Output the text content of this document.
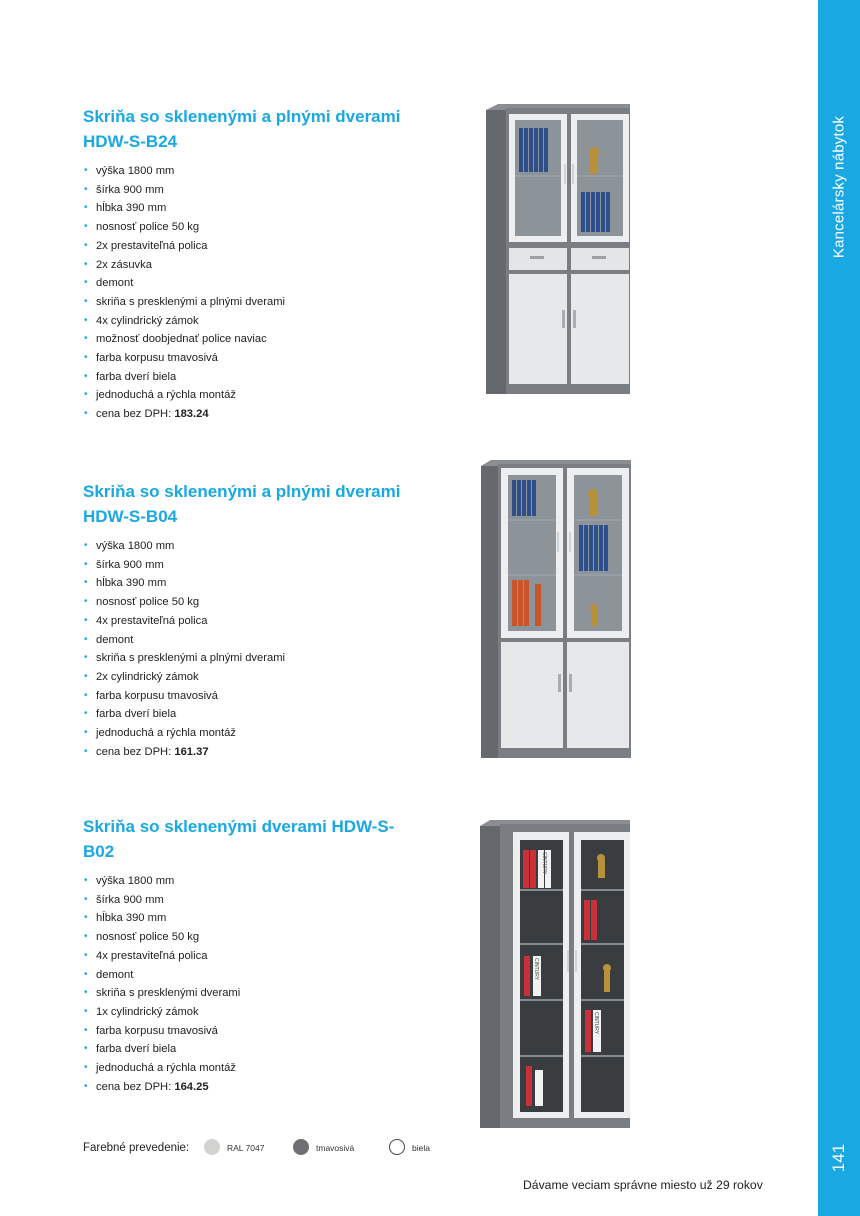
Kancelársky nábytok
141
Skriňa so sklenenými a plnými dverami HDW-S-B24
• výška 1800 mm
• šírka 900 mm
• hĺbka 390 mm
• nosnosť police 50 kg
• 2x prestaviteľná polica
• 2x zásuvka
• demont
• skriňa s presklenými a plnými dverami
• 4x cylindrický zámok
• možnosť doobjednať police naviac
• farba korpusu tmavosivá
• farba dverí biela
• jednoduchá a rýchla montáž
• cena bez DPH: 183.24
Skriňa so sklenenými a plnými dverami HDW-S-B04
• výška 1800 mm
• šírka 900 mm
• hĺbka 390 mm
• nosnosť police 50 kg
• 4x prestaviteľná polica
• demont
• skriňa s presklenými a plnými dverami
• 2x cylindrický zámok
• farba korpusu tmavosivá
• farba dverí biela
• jednoduchá a rýchla montáž
• cena bez DPH: 161.37
Skriňa so sklenenými dverami HDW-S-B02
• výška 1800 mm
• šírka 900 mm
• hĺbka 390 mm
• nosnosť police 50 kg
• 4x prestaviteľná polica
• demont
• skriňa s presklenými dverami
• 1x cylindrický zámok
• farba korpusu tmavosivá
• farba dverí biela
• jednoduchá a rýchla montáž
• cena bez DPH: 164.25
CINTURY
CINTURY
CINTURY
Farebné prevedenie:	RAL 7047	tmavosivá	biela
Dávame veciam správne miesto už 29 rokov
